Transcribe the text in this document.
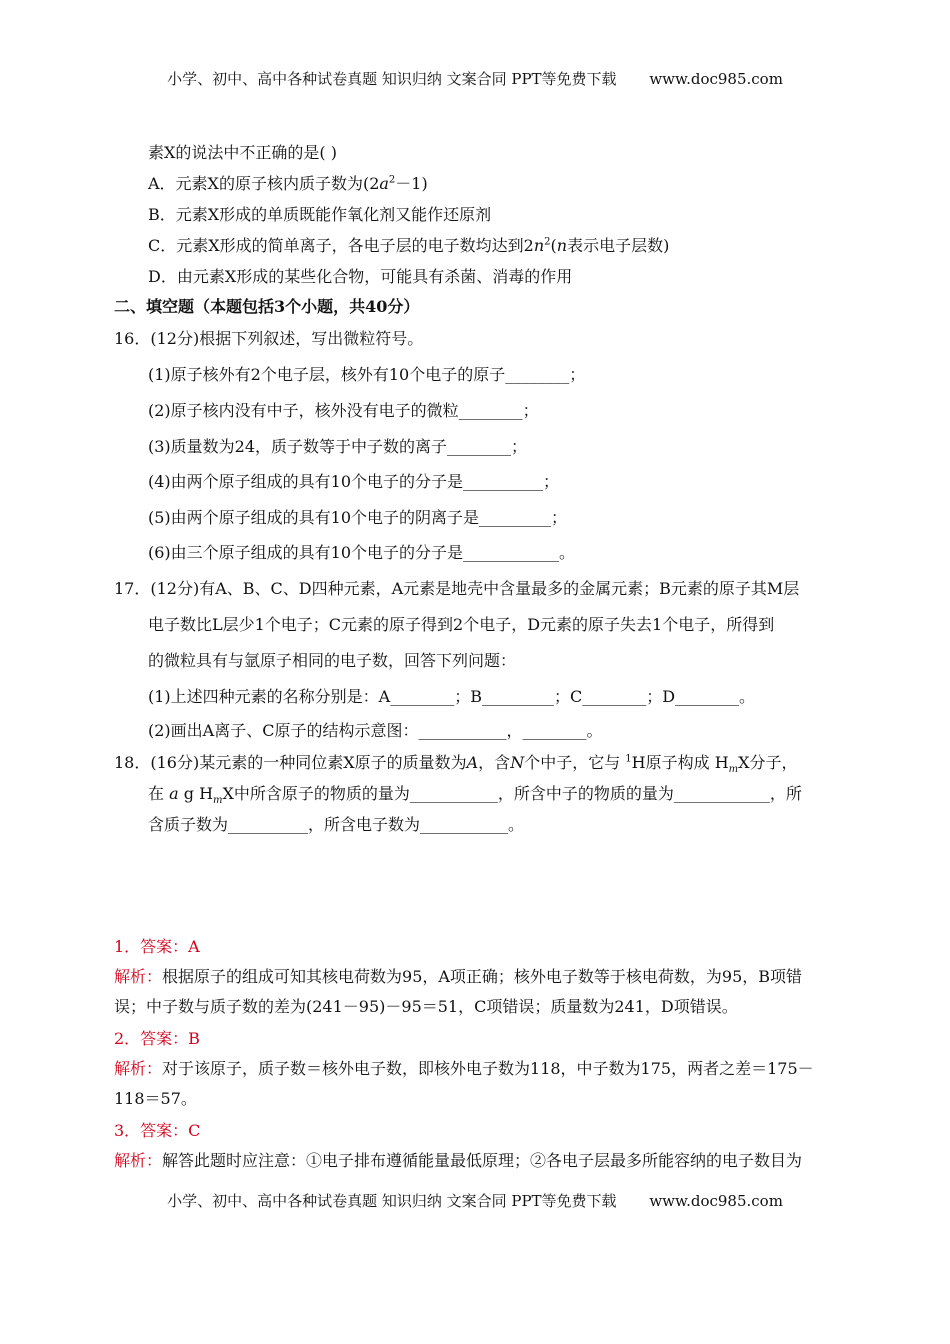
小学、初中、高中各种试卷真题 知识归纳 文案合同 PPT等免费下载 www.doc985.com
素X的说法中不正确的是( )
A．元素X的原子核内质子数为$(2a^2-1)$
B．元素X形成的单质既能作氧化剂又能作还原剂
C．元素X形成的简单离子，各电子层的电子数均达到$2n^2(n$表示电子层数)
D．由元素X形成的某些化合物，可能具有杀菌、消毒的作用
二、填空题（本题包括3个小题，共40分）
16．(12分)根据下列叙述，写出微粒符号。
(1)原子核外有2个电子层，核外有10个电子的原子________；
(2)原子核内没有中子，核外没有电子的微粒________；
(3)质量数为24，质子数等于中子数的离子________；
(4)由两个原子组成的具有10个电子的分子是__________；
(5)由两个原子组成的具有10个电子的阴离子是_________；
(6)由三个原子组成的具有10个电子的分子是____________。
17．(12分)有A、B、C、D四种元素，A元素是地壳中含量最多的金属元素；B元素的原子其M层
电子数比L层少1个电子；C元素的原子得到2个电子，D元素的原子失去1个电子，所得到
的微粒具有与氩原子相同的电子数，回答下列问题：
(1)上述四种元素的名称分别是：A________；B_________；C________；D________。
(2)画出A离子、C原子的结构示意图：___________，________。
18．(16分)某元素的一种同位素X原子的质量数为A，含N个中子，它与 $^1$H原子构成 $H_mX$分子，
在 a g $H_mX$中所含原子的物质的量为___________，所含中子的物质的量为____________，所
含质子数为__________，所含电子数为___________。
1．答案：A
解析：根据原子的组成可知其核电荷数为95，A项正确；核外电子数等于核电荷数，为95，B项错
误；中子数与质子数的差为(241－95)－95＝51，C项错误；质量数为241，D项错误。
2．答案：B
解析：对于该原子，质子数＝核外电子数，即核外电子数为118，中子数为175，两者之差＝175－
118＝57。
3．答案：C
解析：解答此题时应注意：①电子排布遵循能量最低原理；②各电子层最多所能容纳的电子数目为
小学、初中、高中各种试卷真题 知识归纳 文案合同 PPT等免费下载 www.doc985.com
